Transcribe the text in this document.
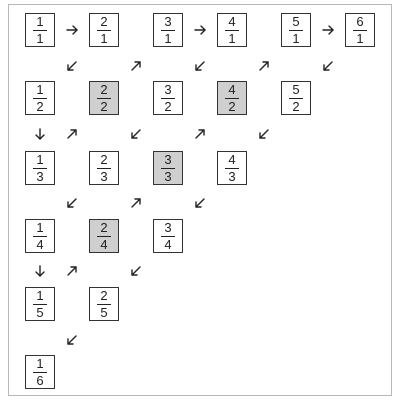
1
1
2
1
3
1
4
1
5
1
6
1
1
2
2
2
3
2
4
2
5
2
1
3
2
3
3
3
4
3
1
4
2
4
3
4
1
5
2
5
1
6
